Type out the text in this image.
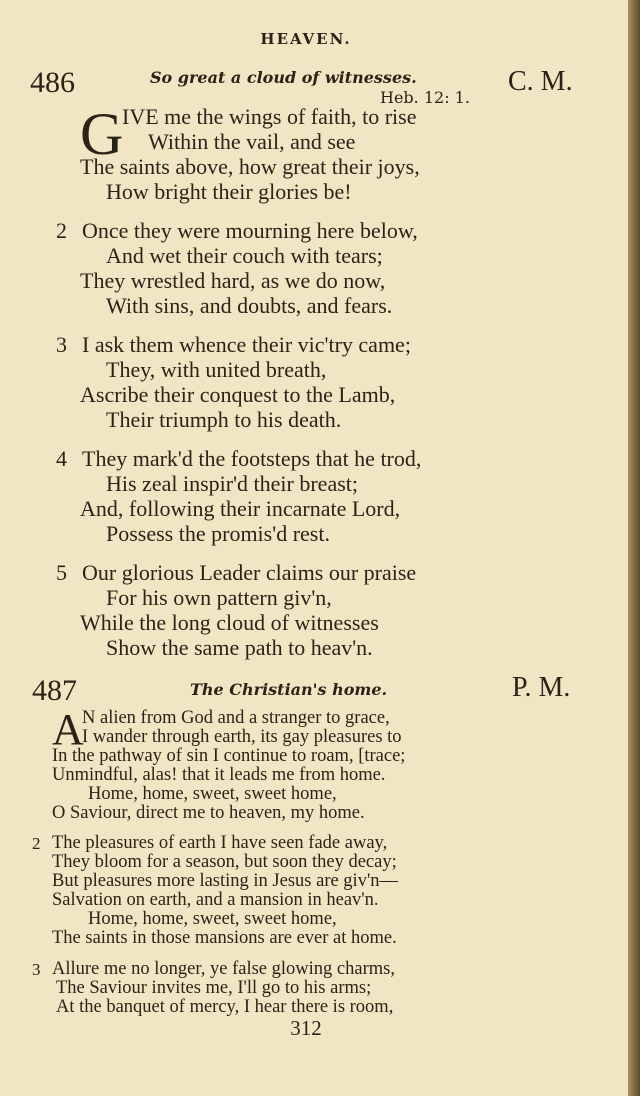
HEAVEN.
486	So great a cloud of witnesses.
Heb. 12: 1.
C. M.
G
IVE me the wings of faith, to rise
Within the vail, and see
The saints above, how great their joys,
How bright their glories be!
2 Once they were mourning here below,
And wet their couch with tears;
They wrestled hard, as we do now,
With sins, and doubts, and fears.
3 I ask them whence their vic'try came;
They, with united breath,
Ascribe their conquest to the Lamb,
Their triumph to his death.
4 They mark'd the footsteps that he trod,
His zeal inspir'd their breast;
And, following their incarnate Lord,
Possess the promis'd rest.
5 Our glorious Leader claims our praise
For his own pattern giv'n,
While the long cloud of witnesses
Show the same path to heav'n.
487	The Christian's home.	P. M.
A
N alien from God and a stranger to grace,
I wander through earth, its gay pleasures to
In the pathway of sin I continue to roam, [trace;
Unmindful, alas! that it leads me from home.
Home, home, sweet, sweet home,
O Saviour, direct me to heaven, my home.
2 The pleasures of earth I have seen fade away,
They bloom for a season, but soon they decay;
But pleasures more lasting in Jesus are giv'n—
Salvation on earth, and a mansion in heav'n.
Home, home, sweet, sweet home,
The saints in those mansions are ever at home.
3 Allure me no longer, ye false glowing charms,
The Saviour invites me, I'll go to his arms;
At the banquet of mercy, I hear there is room,
312
